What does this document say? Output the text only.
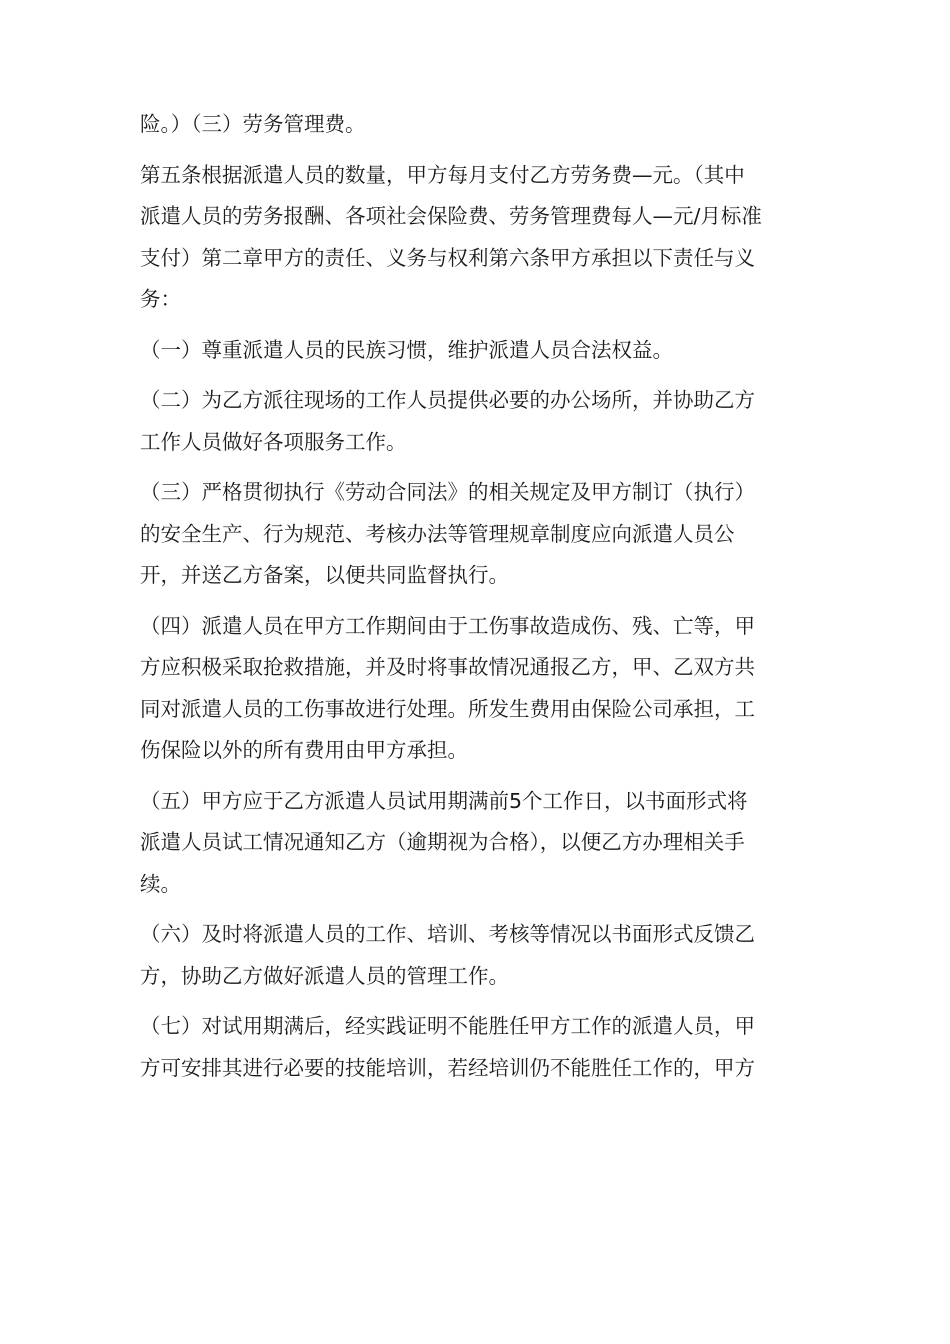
险。）（三）劳务管理费。
第五条根据派遣人员的数量，甲方每月支付乙方劳务费—元。（其中
派遣人员的劳务报酬、各项社会保险费、劳务管理费每人—元/月标准
支付）第二章甲方的责任、义务与权利第六条甲方承担以下责任与义
务：
（一）尊重派遣人员的民族习惯，维护派遣人员合法权益。
（二）为乙方派往现场的工作人员提供必要的办公场所，并协助乙方
工作人员做好各项服务工作。
（三）严格贯彻执行《劳动合同法》的相关规定及甲方制订（执行）
的安全生产、行为规范、考核办法等管理规章制度应向派遣人员公
开，并送乙方备案，以便共同监督执行。
（四）派遣人员在甲方工作期间由于工伤事故造成伤、残、亡等，甲
方应积极采取抢救措施，并及时将事故情况通报乙方，甲、乙双方共
同对派遣人员的工伤事故进行处理。所发生费用由保险公司承担，工
伤保险以外的所有费用由甲方承担。
（五）甲方应于乙方派遣人员试用期满前5个工作日，以书面形式将
派遣人员试工情况通知乙方（逾期视为合格），以便乙方办理相关手
续。
（六）及时将派遣人员的工作、培训、考核等情况以书面形式反馈乙
方，协助乙方做好派遣人员的管理工作。
（七）对试用期满后，经实践证明不能胜任甲方工作的派遣人员，甲
方可安排其进行必要的技能培训，若经培训仍不能胜任工作的，甲方
